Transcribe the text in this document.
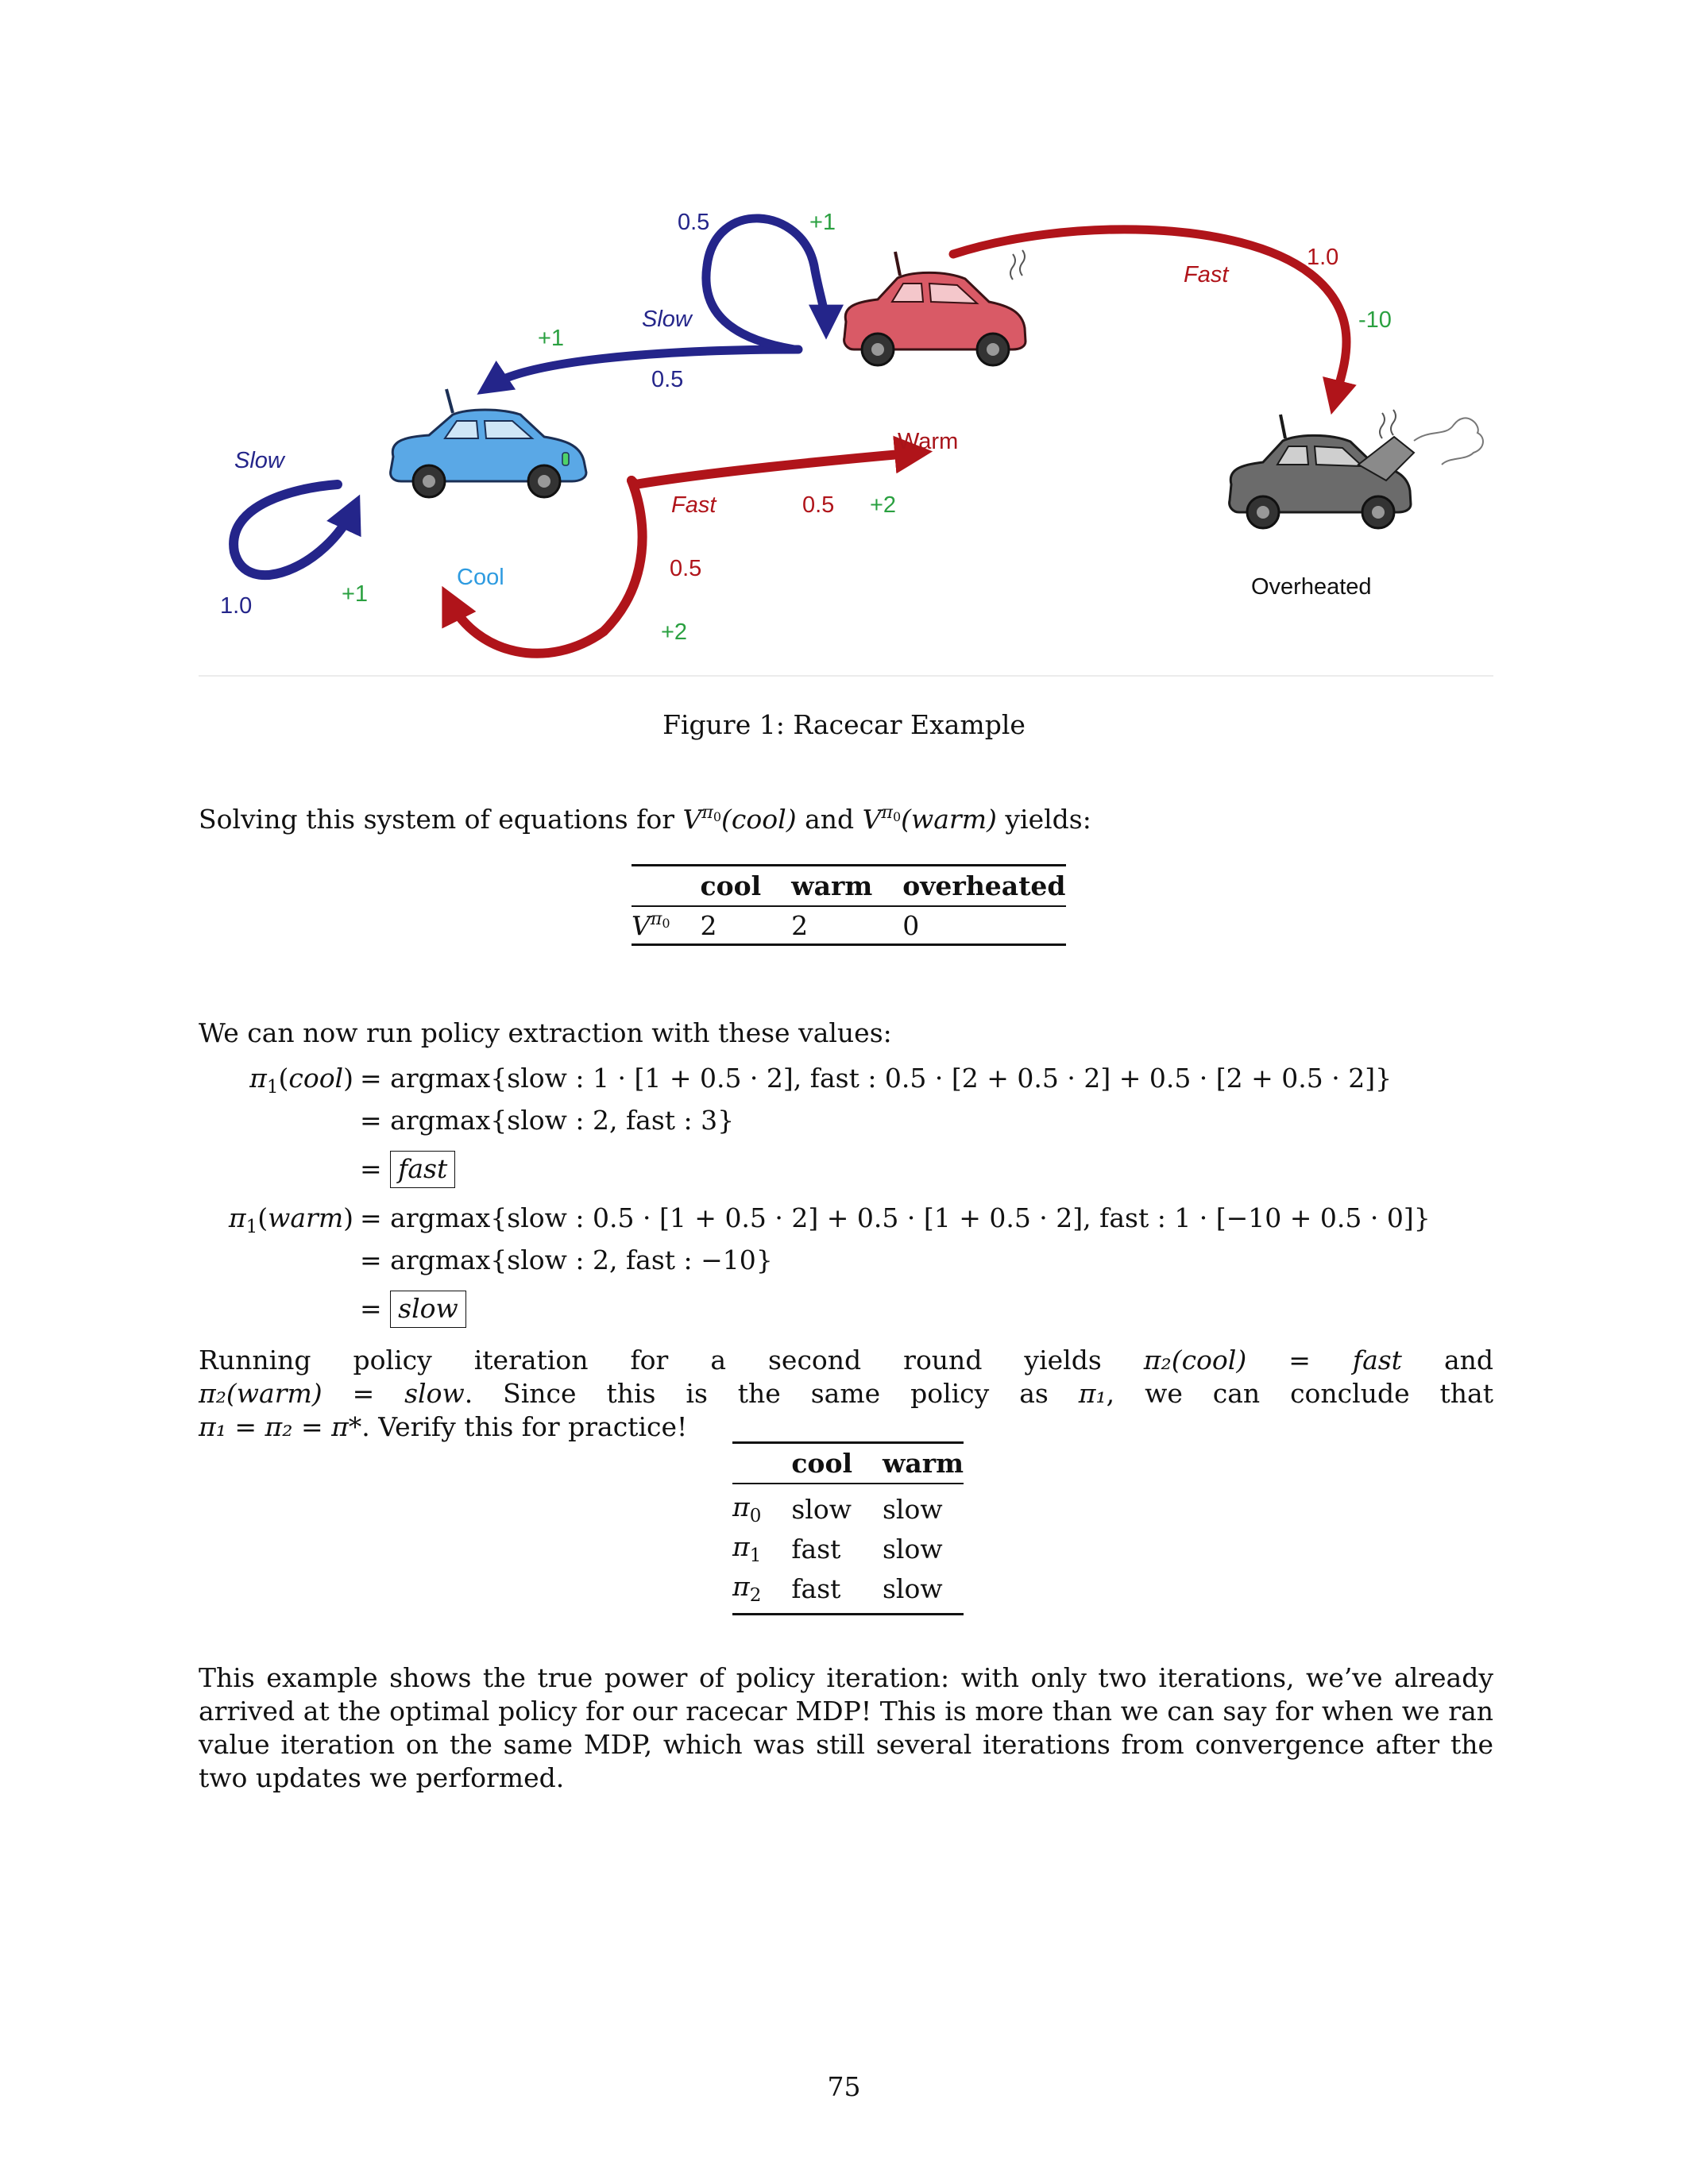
Cool
Warm
Overheated
Slow
1.0	+1
Slow
+1
0.5
0.5	+1
Fast	0.5 +2
0.5
+2
Fast
1.0
-10
Figure 1: Racecar Example
Solving this system of equations for $V^{\pi 0}(cool)$ and $V^{\pi 0}(warm)$ yields:
	cool	warm	overheated
$V^{\pi 0}$	2	2	0
We can now run policy extraction with these values:
$\pi_1(cool)$ = argmax{slow : 1 · [1 + 0.5 · 2], fast : 0.5 · [2 + 0.5 · 2] + 0.5 · [2 + 0.5 · 2]}
= argmax{slow : 2, fast : 3}
= fast
$\pi_1(warm)$ = argmax{slow : 0.5 · [1 + 0.5 · 2] + 0.5 · [1 + 0.5 · 2], fast : 1 · [−10 + 0.5 · 0]}
= argmax{slow : 2, fast : −10}
= slow
Running policy iteration for a second round yields π₂(cool) = fast and π₂(warm) = slow. Since this is the same policy as π₁, we can conclude that π₁ = π₂ = π*. Verify this for practice!
	cool	warm
$\pi_0$	slow	slow
$\pi_1$	fast	slow
$\pi_2$	fast	slow
This example shows the true power of policy iteration: with only two iterations, we’ve already arrived at the optimal policy for our racecar MDP! This is more than we can say for when we ran value iteration on the same MDP, which was still several iterations from convergence after the two updates we performed.
75
